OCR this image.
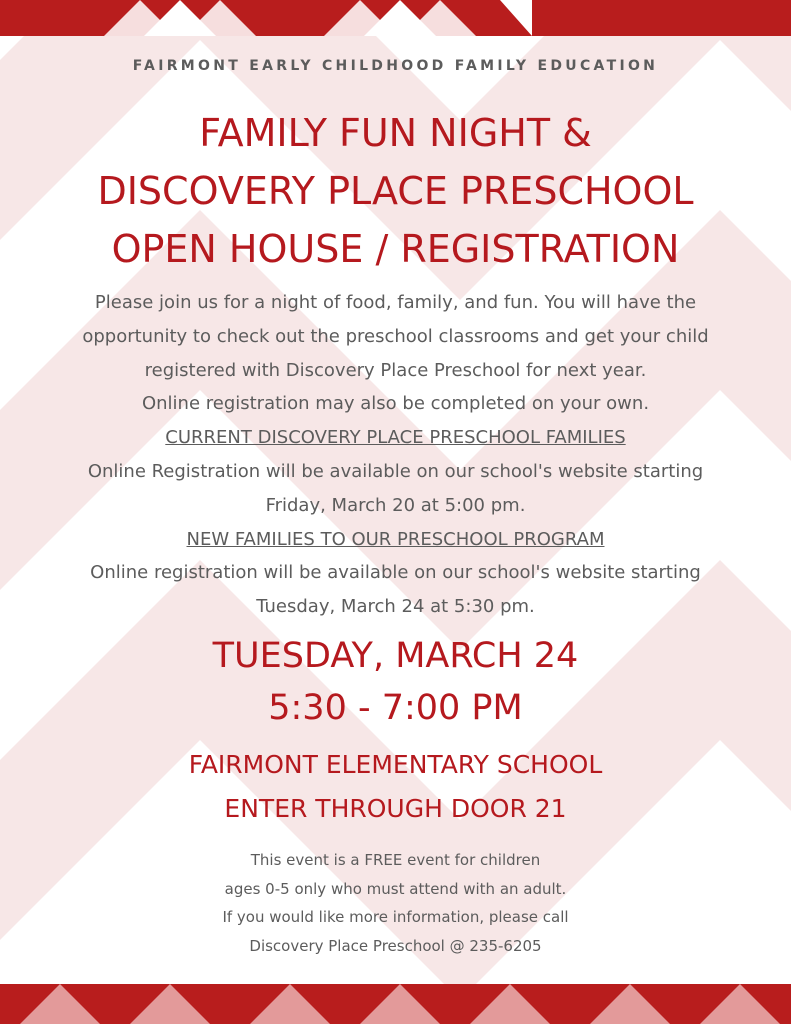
FAIRMONT EARLY CHILDHOOD FAMILY EDUCATION
FAMILY FUN NIGHT &
DISCOVERY PLACE PRESCHOOL
OPEN HOUSE / REGISTRATION
Please join us for a night of food, family, and fun. You will have the
opportunity to check out the preschool classrooms and get your child
registered with Discovery Place Preschool for next year.
Online registration may also be completed on your own.
CURRENT DISCOVERY PLACE PRESCHOOL FAMILIES
Online Registration will be available on our school's website starting
Friday, March 20 at 5:00 pm.
NEW FAMILIES TO OUR PRESCHOOL PROGRAM
Online registration will be available on our school's website starting
Tuesday, March 24 at 5:30 pm.
TUESDAY, MARCH 24
5:30 - 7:00 PM
FAIRMONT ELEMENTARY SCHOOL
ENTER THROUGH DOOR 21
This event is a FREE event for children
ages 0-5 only who must attend with an adult.
If you would like more information, please call
Discovery Place Preschool @ 235-6205
